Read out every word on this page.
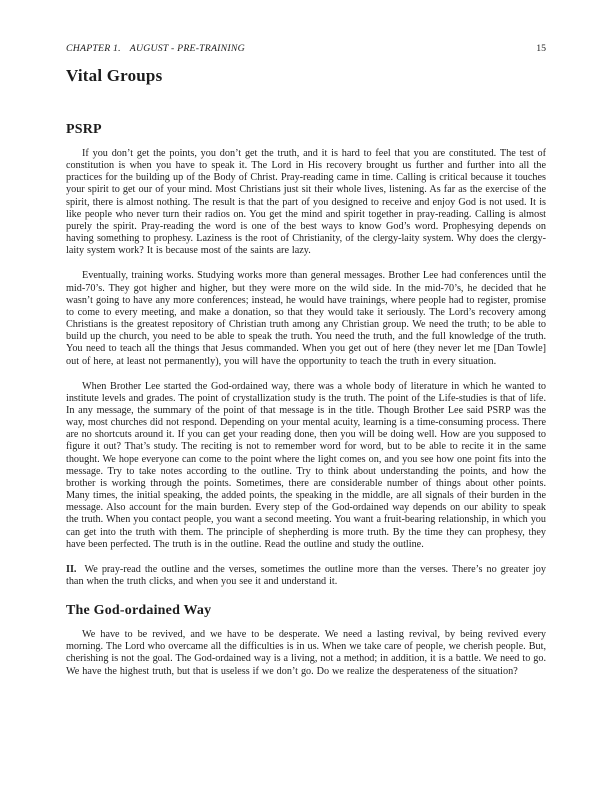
CHAPTER 1. AUGUST - PRE-TRAINING	15
Vital Groups
PSRP

If you don’t get the points, you don’t get the truth, and it is hard to feel that you are constituted. The test of constitution is when you have to speak it. The Lord in His recovery brought us further and further into all the practices for the building up of the Body of Christ. Pray-reading came in time. Calling is critical because it touches your spirit to get our of your mind. Most Christians just sit their whole lives, listening. As far as the exercise of the spirit, there is almost nothing. The result is that the part of you designed to receive and enjoy God is not used. It is like people who never turn their radios on. You get the mind and spirit together in pray-reading. Calling is almost purely the spirit. Pray-reading the word is one of the best ways to know God’s word. Prophesying depends on having something to prophesy. Laziness is the root of Christianity, of the clergy-laity system. Why does the clergy-laity system work? It is because most of the saints are lazy.

Eventually, training works. Studying works more than general messages. Brother Lee had conferences until the mid-70’s. They got higher and higher, but they were more on the wild side. In the mid-70’s, he decided that he wasn’t going to have any more conferences; instead, he would have trainings, where people had to register, promise to come to every meeting, and make a donation, so that they would take it seriously. The Lord’s recovery among Christians is the greatest repository of Christian truth among any Christian group. We need the truth; to be able to build up the church, you need to be able to speak the truth. You need the truth, and the full knowledge of the truth. You need to teach all the things that Jesus commanded. When you get out of here (they never let me [Dan Towle] out of here, at least not permanently), you will have the opportunity to teach the truth in every situation.

When Brother Lee started the God-ordained way, there was a whole body of literature in which he wanted to institute levels and grades. The point of crystallization study is the truth. The point of the Life-studies is that of life. In any message, the summary of the point of that message is in the title. Though Brother Lee said PSRP was the way, most churches did not respond. Depending on your mental acuity, learning is a time-consuming process. There are no shortcuts around it. If you can get your reading done, then you will be doing well. How are you supposed to figure it out? That’s study. The reciting is not to remember word for word, but to be able to recite it in the same thought. We hope everyone can come to the point where the light comes on, and you see how one point fits into the message. Try to take notes according to the outline. Try to think about understanding the points, and how the brother is working through the points. Sometimes, there are considerable number of things about other points. Many times, the initial speaking, the added points, the speaking in the middle, are all signals of their burden in the message. Also account for the main burden. Every step of the God-ordained way depends on our ability to speak the truth. When you contact people, you want a second meeting. You want a fruit-bearing relationship, in which you can get into the truth with them. The principle of shepherding is more truth. By the time they can prophesy, they have been perfected. The truth is in the outline. Read the outline and study the outline.

II. We pray-read the outline and the verses, sometimes the outline more than the verses. There’s no greater joy than when the truth clicks, and when you see it and understand it.

The God-ordained Way

We have to be revived, and we have to be desperate. We need a lasting revival, by being revived every morning. The Lord who overcame all the difficulties is in us. When we take care of people, we cherish people. But, cherishing is not the goal. The God-ordained way is a living, not a method; in addition, it is a battle. We need to go. We have the highest truth, but that is useless if we don’t go. Do we realize the desperateness of the situation?
